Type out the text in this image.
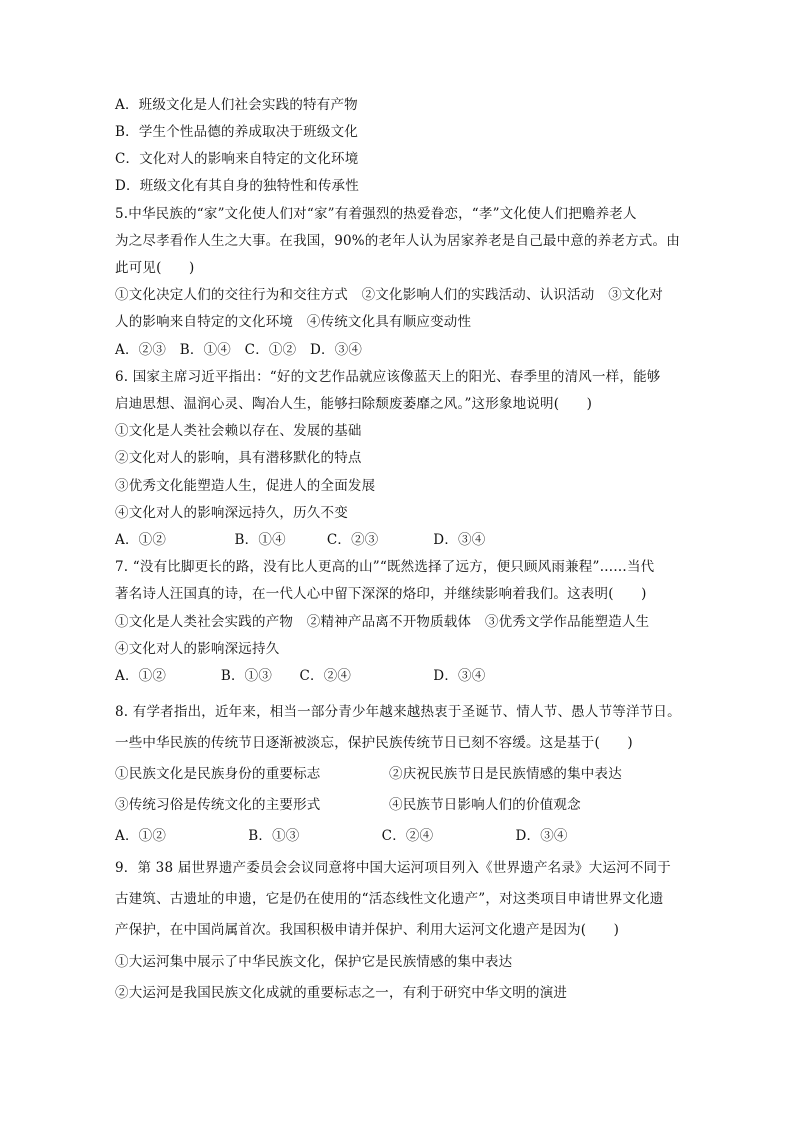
A．班级文化是人们社会实践的特有产物
B．学生个性品德的养成取决于班级文化
C．文化对人的影响来自特定的文化环境
D．班级文化有其自身的独特性和传承性
5.中华民族的“家”文化使人们对“家”有着强烈的热爱眷恋，“孝”文化使人们把赡养老人
为之尽孝看作人生之大事。在我国，90%的老年人认为居家养老是自己最中意的养老方式。由
此可见(　　)
①文化决定人们的交往行为和交往方式　②文化影响人们的实践活动、认识活动　③文化对
人的影响来自特定的文化环境　④传统文化具有顺应变动性
A．②③　B．①④　C．①②　D．③④
6. 国家主席习近平指出：“好的文艺作品就应该像蓝天上的阳光、春季里的清风一样，能够
启迪思想、温润心灵、陶冶人生，能够扫除颓废萎靡之风。”这形象地说明(　　)
①文化是人类社会赖以存在、发展的基础
②文化对人的影响，具有潜移默化的特点
③优秀文化能塑造人生，促进人的全面发展
④文化对人的影响深远持久，历久不变
A．①②　　　　　B．①④　　　C．②③　　　　D．③④
7. “没有比脚更长的路，没有比人更高的山”“既然选择了远方，便只顾风雨兼程”……当代
著名诗人汪国真的诗，在一代人心中留下深深的烙印，并继续影响着我们。这表明(　　)
①文化是人类社会实践的产物　②精神产品离不开物质载体　③优秀文学作品能塑造人生
④文化对人的影响深远持久
A．①②　　　　B．①③　　C．②④　　　　　　D．③④
8. 有学者指出，近年来，相当一部分青少年越来越热衷于圣诞节、情人节、愚人节等洋节日。
一些中华民族的传统节日逐渐被淡忘，保护民族传统节日已刻不容缓。这是基于(　　)
①民族文化是民族身份的重要标志　　　　　②庆祝民族节日是民族情感的集中表达
③传统习俗是传统文化的主要形式　　　　　④民族节日影响人们的价值观念
A．①②　　　　　　B．①③　　　　　　C．②④　　　　　　D．③④
9．第 38 届世界遗产委员会会议同意将中国大运河项目列入《世界遗产名录》大运河不同于
古建筑、古遗址的申遗，它是仍在使用的“活态线性文化遗产”，对这类项目申请世界文化遗
产保护，在中国尚属首次。我国积极申请并保护、利用大运河文化遗产是因为(　　)
①大运河集中展示了中华民族文化，保护它是民族情感的集中表达
②大运河是我国民族文化成就的重要标志之一，有利于研究中华文明的演进
